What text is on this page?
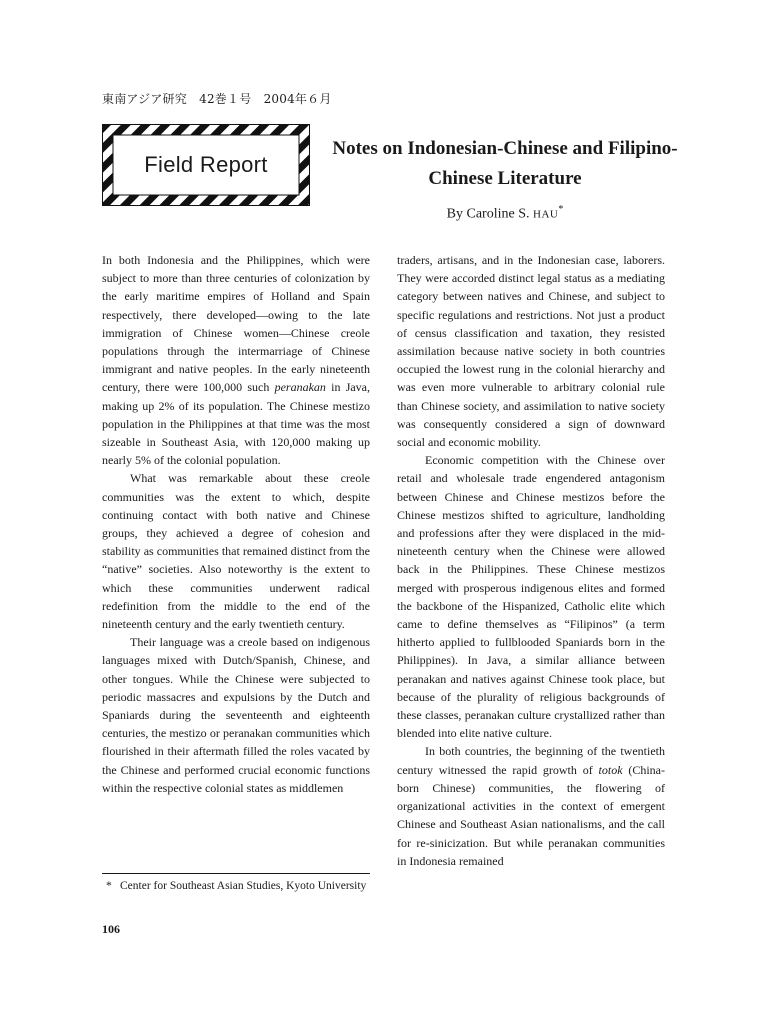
東南アジア研究　42巻１号　2004年６月
Field Report
Notes on Indonesian-Chinese and Filipino-Chinese Literature
By Caroline S. HAU*

In both Indonesia and the Philippines, which were subject to more than three centuries of colonization by the early maritime empires of Holland and Spain respectively, there developed—owing to the late immigration of Chinese women—Chinese creole populations through the intermarriage of Chinese immigrant and native peoples. In the early nineteenth century, there were 100,000 such peranakan in Java, making up 2% of its population. The Chinese mestizo population in the Philippines at that time was the most sizeable in Southeast Asia, with 120,000 making up nearly 5% of the colonial population.

What was remarkable about these creole communities was the extent to which, despite continuing contact with both native and Chinese groups, they achieved a degree of cohesion and stability as communities that remained distinct from the “native” societies. Also noteworthy is the extent to which these communities underwent radical redefinition from the middle to the end of the nineteenth century and the early twentieth century.

Their language was a creole based on indigenous languages mixed with Dutch/Spanish, Chinese, and other tongues. While the Chinese were subjected to periodic massacres and expulsions by the Dutch and Spaniards during the seventeenth and eighteenth centuries, the mestizo or peranakan communities which flourished in their aftermath filled the roles vacated by the Chinese and performed crucial economic functions within the respective colonial states as middlemen

traders, artisans, and in the Indonesian case, laborers. They were accorded distinct legal status as a mediating category between natives and Chinese, and subject to specific regulations and restrictions. Not just a product of census classification and taxation, they resisted assimilation because native society in both countries occupied the lowest rung in the colonial hierarchy and was even more vulnerable to arbitrary colonial rule than Chinese society, and assimilation to native society was consequently considered a sign of downward social and economic mobility.

Economic competition with the Chinese over retail and wholesale trade engendered antagonism between Chinese and Chinese mestizos before the Chinese mestizos shifted to agriculture, landholding and professions after they were displaced in the mid-nineteenth century when the Chinese were allowed back in the Philippines. These Chinese mestizos merged with prosperous indigenous elites and formed the backbone of the Hispanized, Catholic elite which came to define themselves as “Filipinos” (a term hitherto applied to fullblooded Spaniards born in the Philippines). In Java, a similar alliance between peranakan and natives against Chinese took place, but because of the plurality of religious backgrounds of these classes, peranakan culture crystallized rather than blended into elite native culture.

In both countries, the beginning of the twentieth century witnessed the rapid growth of totok (China-born Chinese) communities, the flowering of organizational activities in the context of emergent Chinese and Southeast Asian nationalisms, and the call for re-sinicization. But while peranakan communities in Indonesia remained

* Center for Southeast Asian Studies, Kyoto University
106
